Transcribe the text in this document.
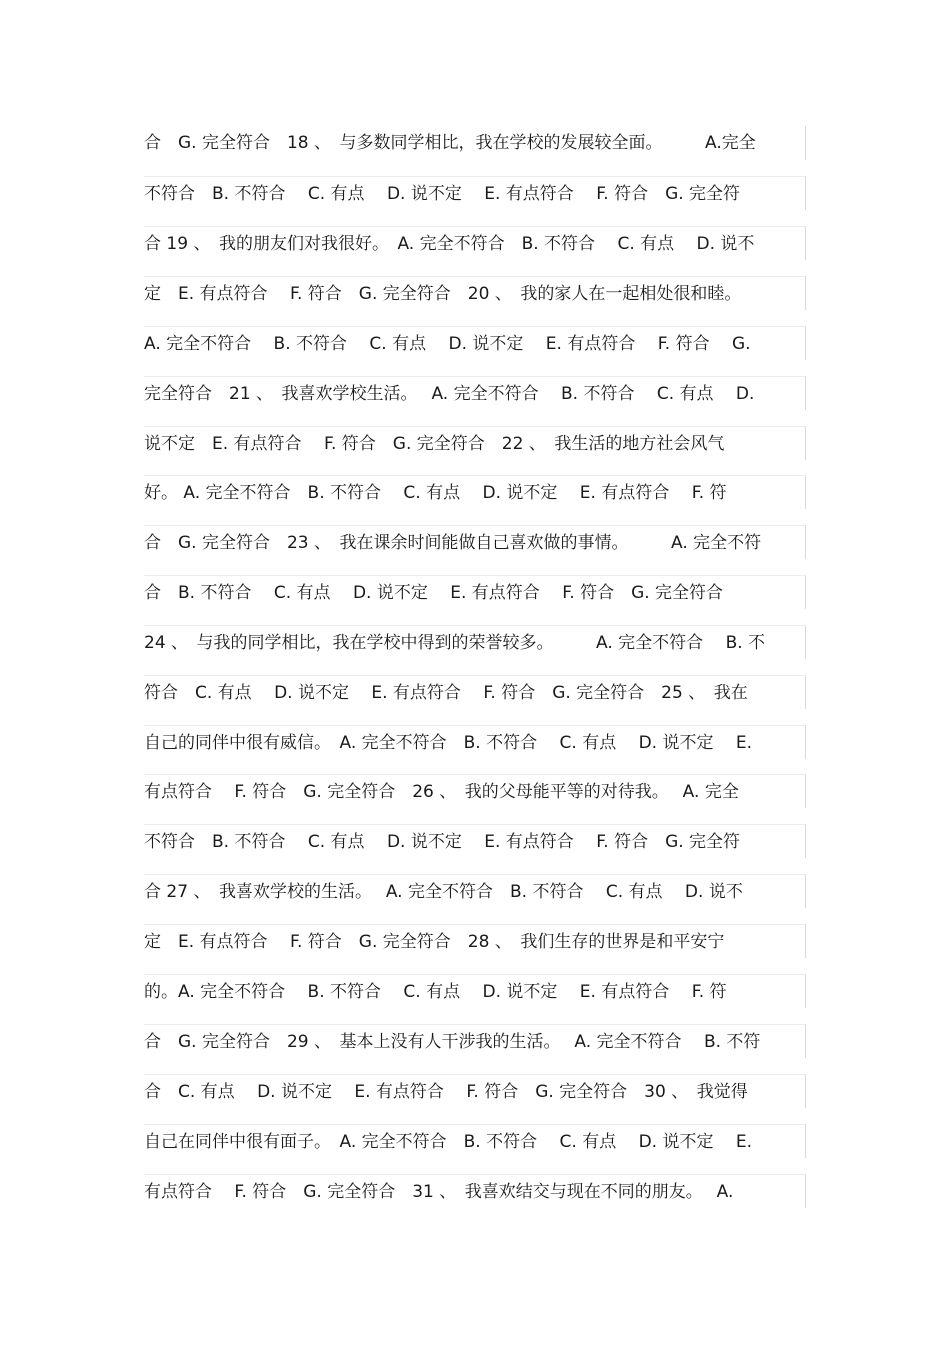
合　G. 完全符合　18 、　与多数同学相比，我在学校的发展较全面。　　　A.完全
不符合　B. 不符合　 C. 有点　 D. 说不定　 E. 有点符合　 F. 符合　G. 完全符
合 19 、　我的朋友们对我很好。　A. 完全不符合　B. 不符合　 C. 有点　 D. 说不
定　E. 有点符合　 F. 符合　G. 完全符合　20 、　我的家人在一起相处很和睦。
A. 完全不符合　 B. 不符合　 C. 有点　 D. 说不定　 E. 有点符合　 F. 符合　 G.
完全符合　21 、　我喜欢学校生活。　 A. 完全不符合　 B. 不符合　 C. 有点　 D.
说不定　E. 有点符合　 F. 符合　G. 完全符合　22 、　我生活的地方社会风气
好。 A. 完全不符合　B. 不符合　 C. 有点　 D. 说不定　 E. 有点符合　 F. 符
合　G. 完全符合　23 、　我在课余时间能做自己喜欢做的事情。　　　A. 完全不符
合　B. 不符合　 C. 有点　 D. 说不定　 E. 有点符合　 F. 符合　G. 完全符合
24 、　与我的同学相比，我在学校中得到的荣誉较多。　　　A. 完全不符合　 B. 不
符合　C. 有点　 D. 说不定　 E. 有点符合　 F. 符合　G. 完全符合　25 、　我在
自己的同伴中很有威信。　A. 完全不符合　B. 不符合　 C. 有点　 D. 说不定　 E.
有点符合　 F. 符合　G. 完全符合　26 、　我的父母能平等的对待我。　 A. 完全
不符合　B. 不符合　 C. 有点　 D. 说不定　 E. 有点符合　 F. 符合　G. 完全符
合 27 、　我喜欢学校的生活。　 A. 完全不符合　B. 不符合　 C. 有点　 D. 说不
定　E. 有点符合　 F. 符合　G. 完全符合　28 、　我们生存的世界是和平安宁
的。A. 完全不符合　 B. 不符合　 C. 有点　 D. 说不定　 E. 有点符合　 F. 符
合　G. 完全符合　29 、　基本上没有人干涉我的生活。　 A. 完全不符合　 B. 不符
合　C. 有点　 D. 说不定　 E. 有点符合　 F. 符合　G. 完全符合　30 、　我觉得
自己在同伴中很有面子。　A. 完全不符合　B. 不符合　 C. 有点　 D. 说不定　 E.
有点符合　 F. 符合　G. 完全符合　31 、　我喜欢结交与现在不同的朋友。　 A.
